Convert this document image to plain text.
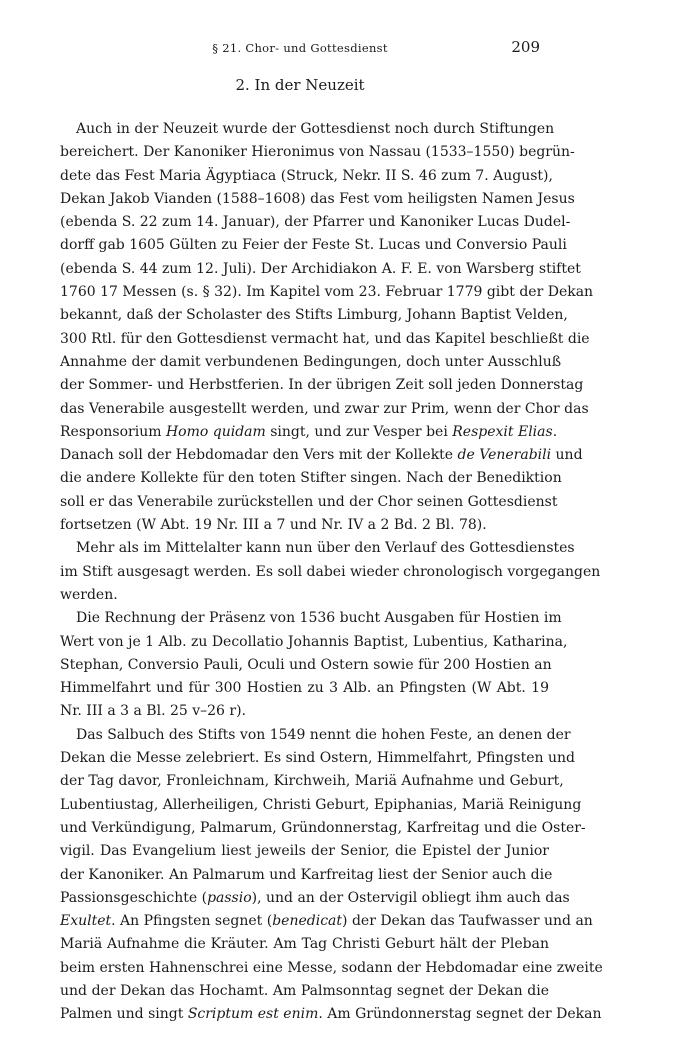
§ 21. Chor- und Gottesdienst	209
2. In der Neuzeit
Auch in der Neuzeit wurde der Gottesdienst noch durch Stiftungen
bereichert. Der Kanoniker Hieronimus von Nassau (1533–1550) begrün-
dete das Fest Maria Ägyptiaca (Struck, Nekr. II S. 46 zum 7. August),
Dekan Jakob Vianden (1588–1608) das Fest vom heiligsten Namen Jesus
(ebenda S. 22 zum 14. Januar), der Pfarrer und Kanoniker Lucas Dudel-
dorff gab 1605 Gülten zu Feier der Feste St. Lucas und Conversio Pauli
(ebenda S. 44 zum 12. Juli). Der Archidiakon A. F. E. von Warsberg stiftet
1760 17 Messen (s. § 32). Im Kapitel vom 23. Februar 1779 gibt der Dekan
bekannt, daß der Scholaster des Stifts Limburg, Johann Baptist Velden,
300 Rtl. für den Gottesdienst vermacht hat, und das Kapitel beschließt die
Annahme der damit verbundenen Bedingungen, doch unter Ausschluß
der Sommer- und Herbstferien. In der übrigen Zeit soll jeden Donnerstag
das Venerabile ausgestellt werden, und zwar zur Prim, wenn der Chor das
Responsorium Homo quidam singt, und zur Vesper bei Respexit Elias.
Danach soll der Hebdomadar den Vers mit der Kollekte de Venerabili und
die andere Kollekte für den toten Stifter singen. Nach der Benediktion
soll er das Venerabile zurückstellen und der Chor seinen Gottesdienst
fortsetzen (W Abt. 19 Nr. III a 7 und Nr. IV a 2 Bd. 2 Bl. 78).
Mehr als im Mittelalter kann nun über den Verlauf des Gottesdienstes
im Stift ausgesagt werden. Es soll dabei wieder chronologisch vorgegangen
werden.
Die Rechnung der Präsenz von 1536 bucht Ausgaben für Hostien im
Wert von je 1 Alb. zu Decollatio Johannis Baptist, Lubentius, Katharina,
Stephan, Conversio Pauli, Oculi und Ostern sowie für 200 Hostien an
Himmelfahrt und für 300 Hostien zu 3 Alb. an Pfingsten (W Abt. 19
Nr. III a 3 a Bl. 25 v–26 r).
Das Salbuch des Stifts von 1549 nennt die hohen Feste, an denen der
Dekan die Messe zelebriert. Es sind Ostern, Himmelfahrt, Pfingsten und
der Tag davor, Fronleichnam, Kirchweih, Mariä Aufnahme und Geburt,
Lubentiustag, Allerheiligen, Christi Geburt, Epiphanias, Mariä Reinigung
und Verkündigung, Palmarum, Gründonnerstag, Karfreitag und die Oster-
vigil. Das Evangelium liest jeweils der Senior, die Epistel der Junior
der Kanoniker. An Palmarum und Karfreitag liest der Senior auch die
Passionsgeschichte (passio), und an der Ostervigil obliegt ihm auch das
Exultet. An Pfingsten segnet (benedicat) der Dekan das Taufwasser und an
Mariä Aufnahme die Kräuter. Am Tag Christi Geburt hält der Pleban
beim ersten Hahnenschrei eine Messe, sodann der Hebdomadar eine zweite
und der Dekan das Hochamt. Am Palmsonntag segnet der Dekan die
Palmen und singt Scriptum est enim. Am Gründonnerstag segnet der Dekan
